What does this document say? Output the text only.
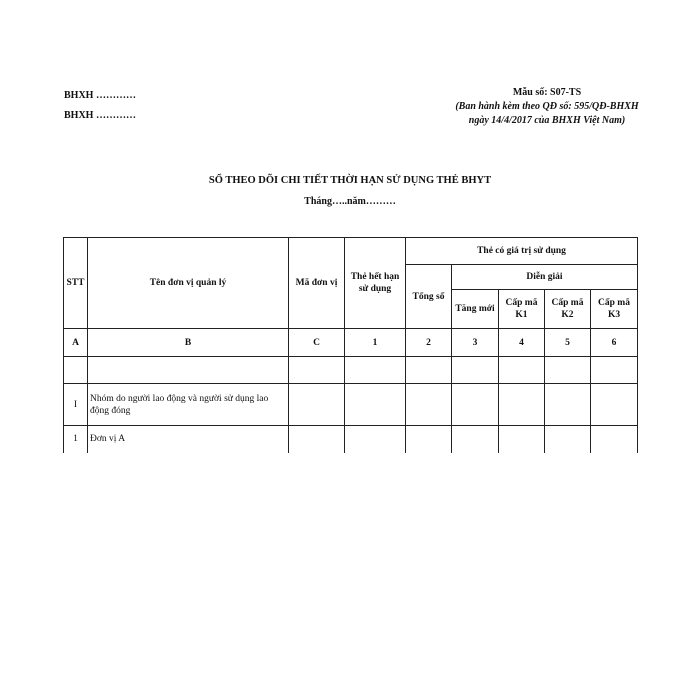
BHXH …………
BHXH …………
Mẫu số: S07-TS
(Ban hành kèm theo QĐ số: 595/QĐ-BHXH ngày 14/4/2017 của BHXH Việt Nam)
SỔ THEO DÕI CHI TIẾT THỜI HẠN SỬ DỤNG THẺ BHYT
Tháng…..năm………
STT	Tên đơn vị quản lý	Mã đơn vị	Thẻ hết hạn sử dụng	Thẻ có giá trị sử dụng				
				Tổng số	Diễn giải			
					Tăng mới	Cấp mã K1	Cấp mã K2	Cấp mã K3
A	B	C	1	2	3	4	5	6

I	Nhóm do người lao động và người sử dụng lao động đóng							
1	Đơn vị A							
